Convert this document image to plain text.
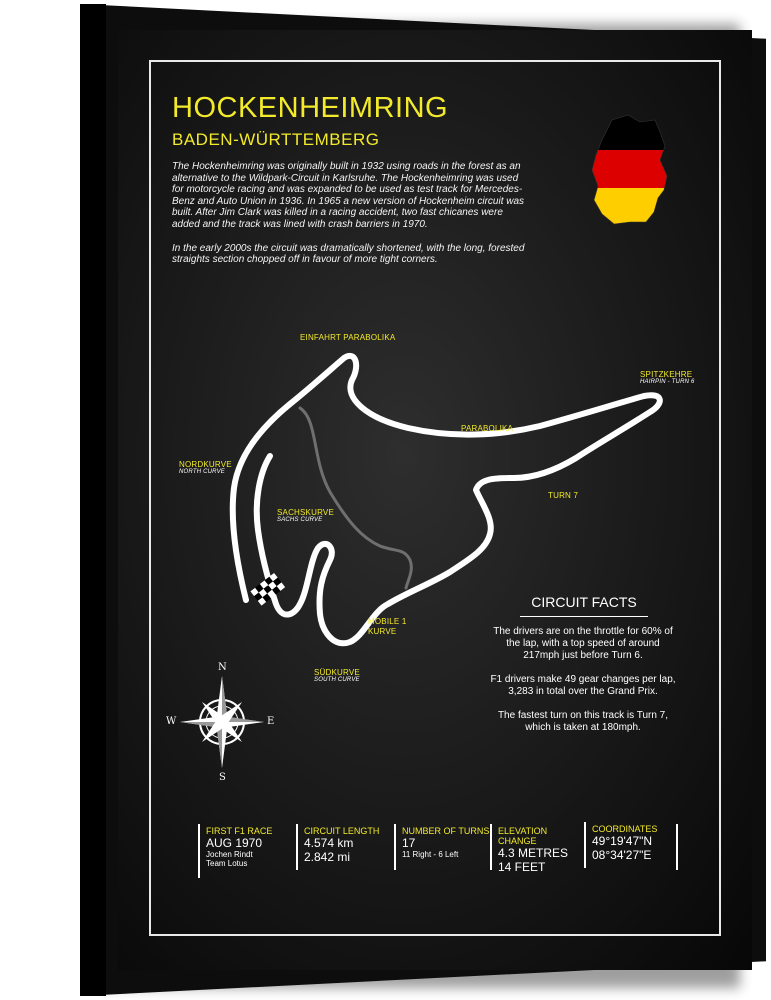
HOCKENHEIMRING
BADEN-WÜRTTEMBERG

The Hockenheimring was originally built in 1932 using roads in the forest as an alternative to the Wildpark-Circuit in Karlsruhe. The Hockenheimring was used for motorcycle racing and was expanded to be used as test track for Mercedes-Benz and Auto Union in 1936. In 1965 a new version of Hockenheim circuit was built. After Jim Clark was killed in a racing accident, two fast chicanes were added and the track was lined with crash barriers in 1970.

In the early 2000s the circuit was dramatically shortened, with the long, forested straights section chopped off in favour of more tight corners.

N
S
E
W
EINFAHRT PARABOLIKA
SPITZKEHRE
HAIRPIN - TURN 6
PARABOLIKA
NORDKURVE
NORTH CURVE
SACHSKURVE
SACHS CURVE
TURN 7
MOBILE 1
KURVE
SÜDKURVE
SOUTH CURVE
CIRCUIT FACTS

The drivers are on the throttle for 60% of the lap, with a top speed of around 217mph just before Turn 6.

F1 drivers make 49 gear changes per lap, 3,283 in total over the Grand Prix.

The fastest turn on this track is Turn 7, which is taken at 180mph.

FIRST F1 RACE
AUG 1970
Jochen Rindt
Team Lotus
CIRCUIT LENGTH
4.574 km
2.842 mi
NUMBER OF TURNS
17
11 Right - 6 Left
ELEVATION CHANGE
4.3 METRES
14 FEET
COORDINATES
49°19'47"N
08°34'27"E
